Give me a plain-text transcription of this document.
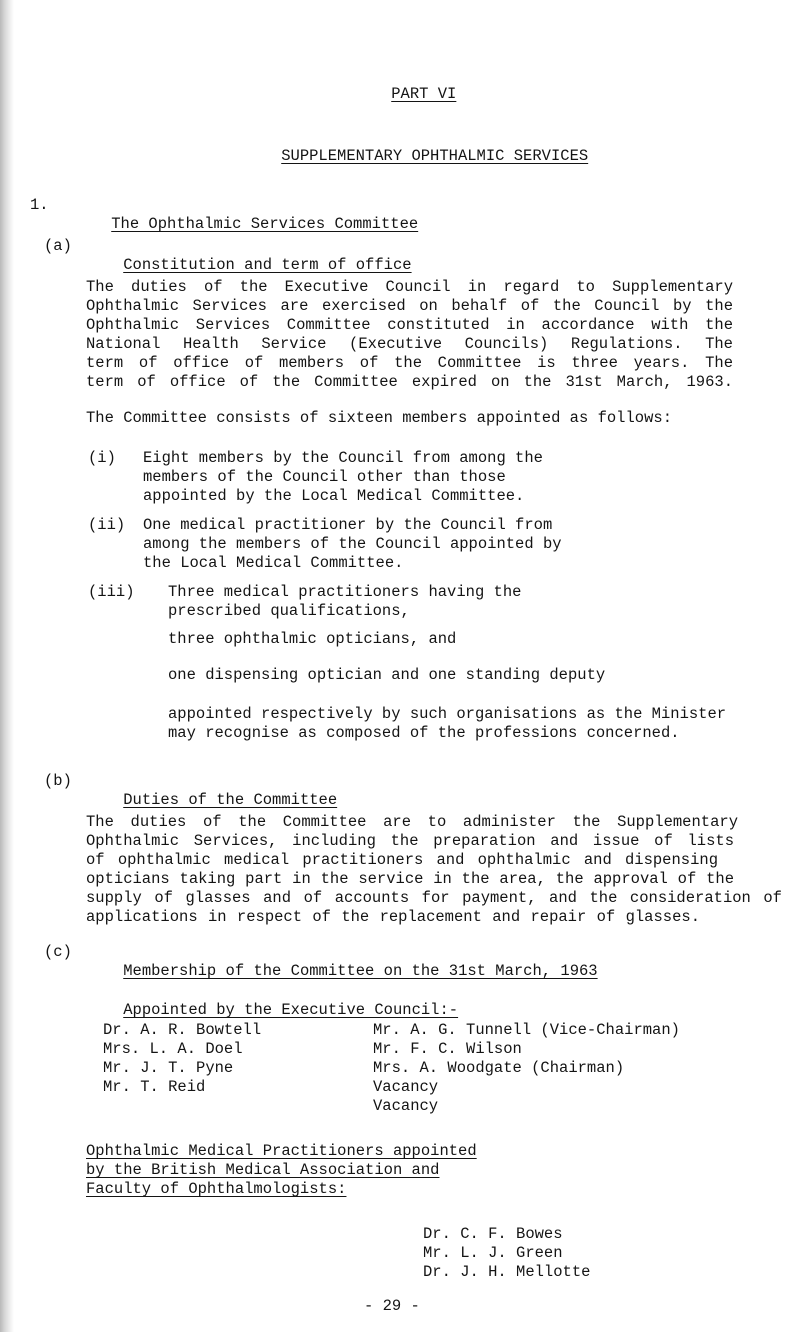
PART VI

SUPPLEMENTARY OPHTHALMIC SERVICES

1.

The Ophthalmic Services Committee

(a)

Constitution and term of office

The duties of the Executive Council in regard to Supplementary
Ophthalmic Services are exercised on behalf of the Council by the
Ophthalmic Services Committee constituted in accordance with the
National Health Service (Executive Councils) Regulations. The
term of office of members of the Committee is three years. The
term of office of the Committee expired on the 31st March, 1963.
The Committee consists of sixteen members appointed as follows:
(i) Eight members by the Council from among the
members of the Council other than those
appointed by the Local Medical Committee.
(ii) One medical practitioner by the Council from
among the members of the Council appointed by
the Local Medical Committee.
(iii) Three medical practitioners having the
prescribed qualifications,
three ophthalmic opticians, and
one dispensing optician and one standing deputy
appointed respectively by such organisations as the Minister
may recognise as composed of the professions concerned.
(b)

Duties of the Committee

The duties of the Committee are to administer the Supplementary
Ophthalmic Services, including the preparation and issue of lists
of ophthalmic medical practitioners and ophthalmic and dispensing
opticians taking part in the service in the area, the approval of the
supply of glasses and of accounts for payment, and the consideration of
applications in respect of the replacement and repair of glasses.
(c)

Membership of the Committee on the 31st March, 1963

Appointed by the Executive Council:-

Dr. A. R. Bowtell
Mrs. L. A. Doel
Mr. J. T. Pyne
Mr. T. Reid
Mr. A. G. Tunnell (Vice-Chairman)
Mr. F. C. Wilson
Mrs. A. Woodgate (Chairman)
Vacancy
Vacancy
Ophthalmic Medical Practitioners appointed
by the British Medical Association and
Faculty of Ophthalmologists:
Dr. C. F. Bowes
Mr. L. J. Green
Dr. J. H. Mellotte
- 29 -
